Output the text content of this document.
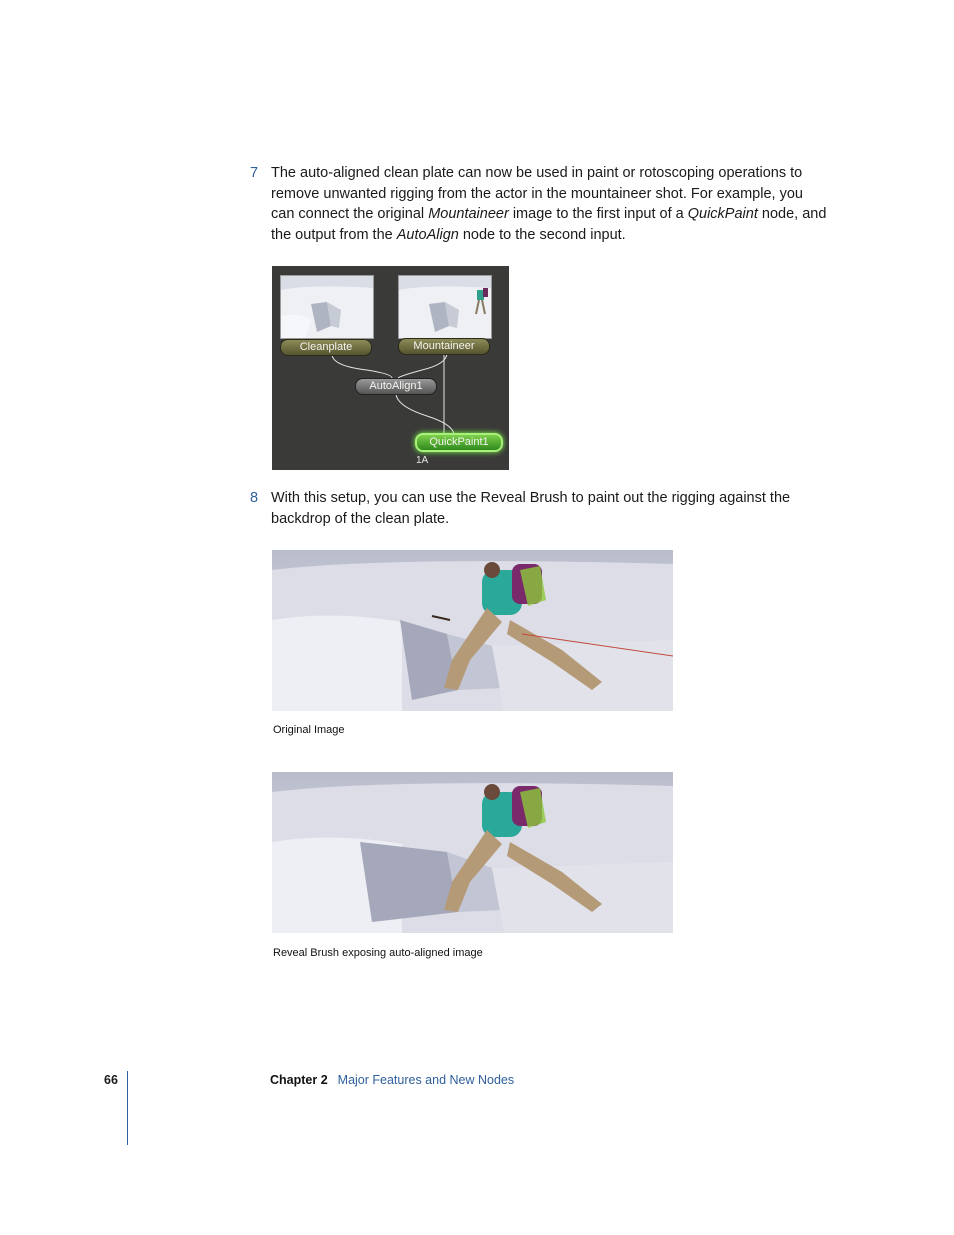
7 The auto-aligned clean plate can now be used in paint or rotoscoping operations to remove unwanted rigging from the actor in the mountaineer shot. For example, you can connect the original Mountaineer image to the first input of a QuickPaint node, and the output from the AutoAlign node to the second input.
Cleanplate	Mountaineer
AutoAlign1
QuickPaint1
1A
8 With this setup, you can use the Reveal Brush to paint out the rigging against the backdrop of the clean plate.
Original Image
Reveal Brush exposing auto-aligned image
66	Chapter 2 Major Features and New Nodes
